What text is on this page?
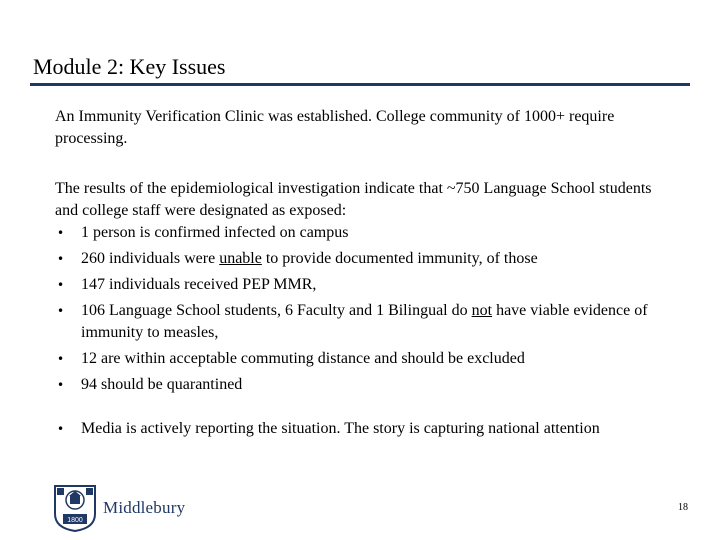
Module 2: Key Issues

An Immunity Verification Clinic was established. College community of 1000+ require processing.

The results of the epidemiological investigation indicate that ~750 Language School students and college staff were designated as exposed:

• 1 person is confirmed infected on campus
• 260 individuals were unable to provide documented immunity, of those
• 147 individuals received PEP MMR,
• 106 Language School students, 6 Faculty and 1 Bilingual do not have viable evidence of immunity to measles,
• 12 are within acceptable commuting distance and should be excluded
• 94 should be quarantined
• Media is actively reporting the situation. The story is capturing national attention
1800
Middlebury	18
